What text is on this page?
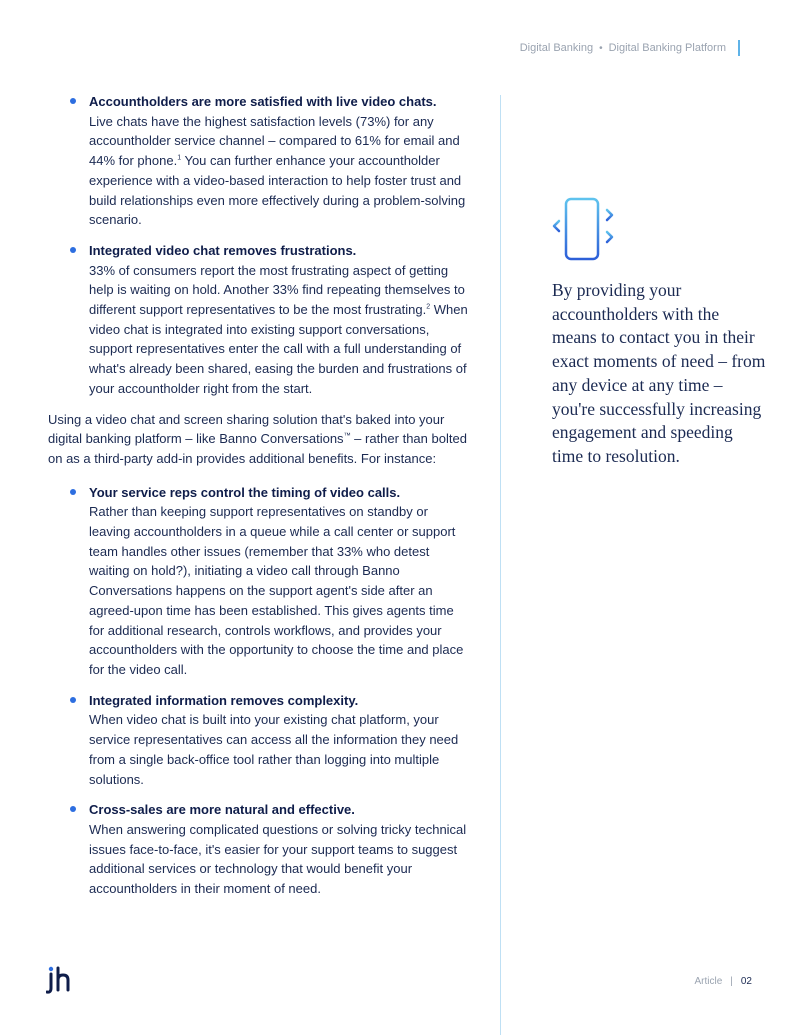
Digital Banking • Digital Banking Platform
Accountholders are more satisfied with live video chats.
Live chats have the highest satisfaction levels (73%) for any accountholder service channel – compared to 61% for email and 44% for phone.$^1$ You can further enhance your accountholder experience with a video-based interaction to help foster trust and build relationships even more effectively during a problem-solving scenario.
Integrated video chat removes frustrations.
33% of consumers report the most frustrating aspect of getting help is waiting on hold. Another 33% find repeating themselves to different support representatives to be the most frustrating.$^2$ When video chat is integrated into existing support conversations, support representatives enter the call with a full understanding of what's already been shared, easing the burden and frustrations of your accountholder right from the start.

Using a video chat and screen sharing solution that's baked into your digital banking platform – like Banno Conversations™ – rather than bolted on as a third-party add-in provides additional benefits. For instance:

Your service reps control the timing of video calls.
Rather than keeping support representatives on standby or leaving accountholders in a queue while a call center or support team handles other issues (remember that 33% who detest waiting on hold?), initiating a video call through Banno Conversations happens on the support agent's side after an agreed-upon time has been established. This gives agents time for additional research, controls workflows, and provides your accountholders with the opportunity to choose the time and place for the video call.
Integrated information removes complexity.
When video chat is built into your existing chat platform, your service representatives can access all the information they need from a single back-office tool rather than logging into multiple solutions.
Cross-sales are more natural and effective.
When answering complicated questions or solving tricky technical issues face-to-face, it's easier for your support teams to suggest additional services or technology that would benefit your accountholders in their moment of need.

By providing your accountholders with the means to contact you in their exact moments of need – from any device at any time – you're successfully increasing engagement and speeding time to resolution.

Article | 02
